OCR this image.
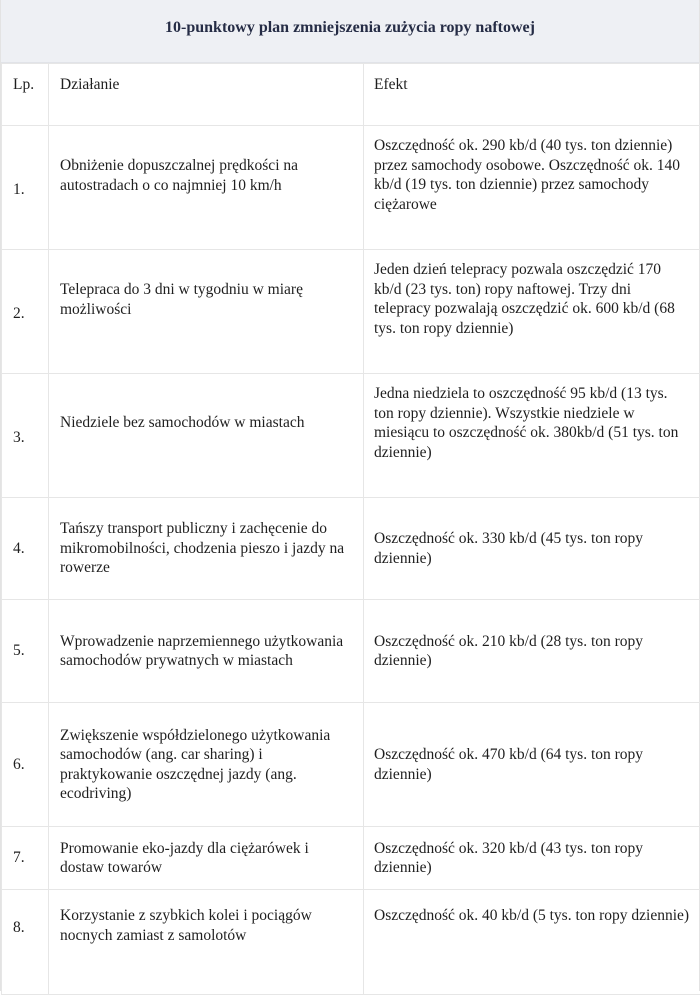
10-punktowy plan zmniejszenia zużycia ropy naftowej
Lp.	Działanie	Efekt
1.	Obniżenie dopuszczalnej prędkości na autostradach o co najmniej 10 km/h	Oszczędność ok. 290 kb/d (40 tys. ton dziennie) przez samochody osobowe. Oszczędność ok. 140 kb/d (19 tys. ton dziennie) przez samochody ciężarowe
2.	Telepraca do 3 dni w tygodniu w miarę możliwości	Jeden dzień telepracy pozwala oszczędzić 170 kb/d (23 tys. ton) ropy naftowej. Trzy dni telepracy pozwalają oszczędzić ok. 600 kb/d (68 tys. ton ropy dziennie)
3.	Niedziele bez samochodów w miastach	Jedna niedziela to oszczędność 95 kb/d (13 tys. ton ropy dziennie). Wszystkie niedziele w miesiącu to oszczędność ok. 380kb/d (51 tys. ton dziennie)
4.	Tańszy transport publiczny i zachęcenie do mikromobilności, chodzenia pieszo i jazdy na rowerze	Oszczędność ok. 330 kb/d (45 tys. ton ropy dziennie)
5.	Wprowadzenie naprzemiennego użytkowania samochodów prywatnych w miastach	Oszczędność ok. 210 kb/d (28 tys. ton ropy dziennie)
6.	Zwiększenie współdzielonego użytkowania samochodów (ang. car sharing) i praktykowanie oszczędnej jazdy (ang. ecodriving)	Oszczędność ok. 470 kb/d (64 tys. ton ropy dziennie)
7.	Promowanie eko-jazdy dla ciężarówek i dostaw towarów	Oszczędność ok. 320 kb/d (43 tys. ton ropy dziennie)
8.	Korzystanie z szybkich kolei i pociągów nocnych zamiast z samolotów	Oszczędność ok. 40 kb/d (5 tys. ton ropy dziennie)
